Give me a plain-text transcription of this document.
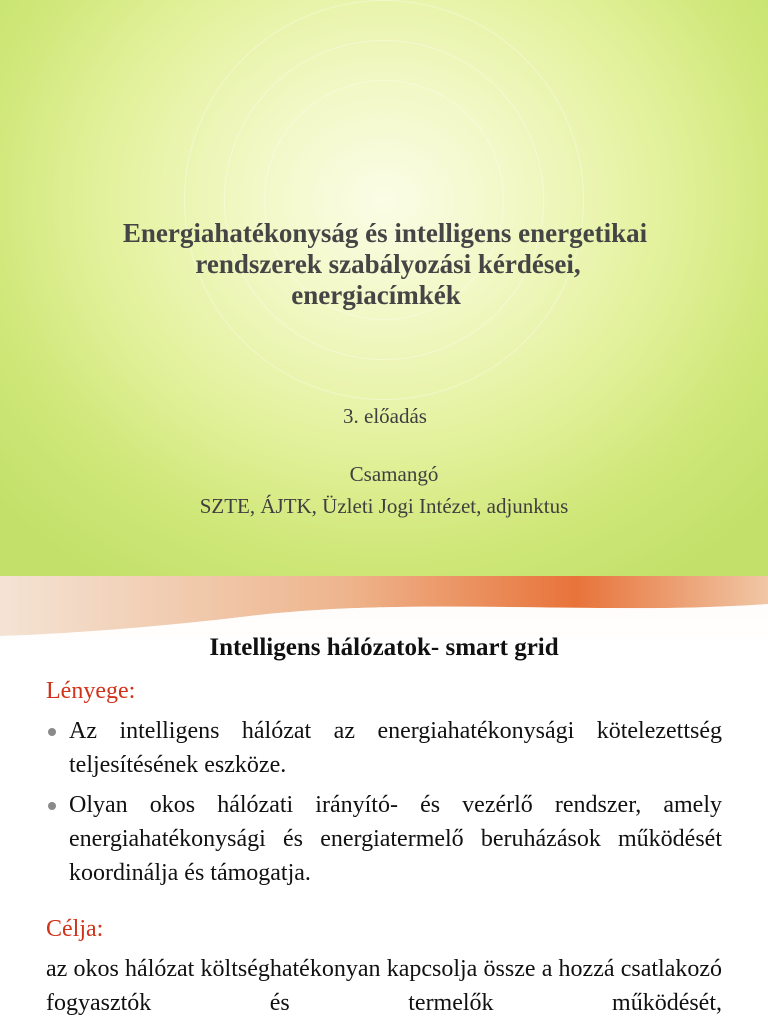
Energiahatékonyság és intelligens energetikai
rendszerek szabályozási kérdései,
energiacímkék
3. előadás
Csamangó
SZTE, ÁJTK, Üzleti Jogi Intézet, adjunktus
Intelligens hálózatok- smart grid

Lényege:

Az intelligens hálózat az energiahatékonysági kötelezettség teljesítésének eszköze.

Olyan okos hálózati irányító- és vezérlő rendszer, amely energiahatékonysági és energiatermelő beruházások működését koordinálja és támogatja.

Célja:

az okos hálózat költséghatékonyan kapcsolja össze a hozzá csatlakozó fogyasztók és termelők működését,
